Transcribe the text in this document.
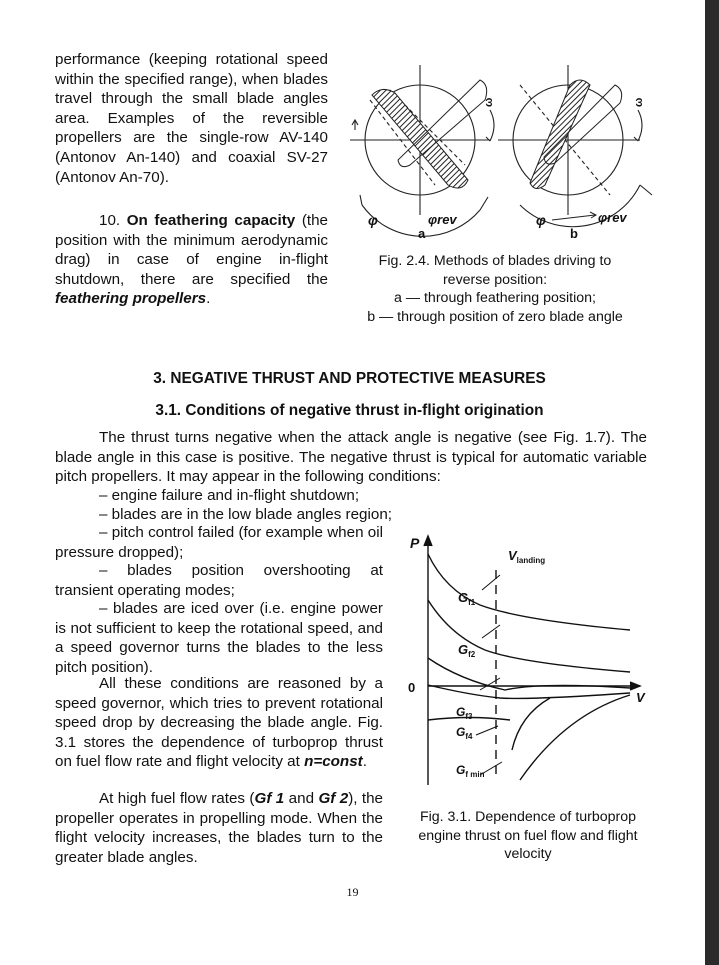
performance (keeping rotational speed within the specified range), when blades travel through the small blade angles area. Examples of the reversible propellers are the single-row AV-140 (Antonov An-140) and coaxial SV-27 (Antonov An-70).
10. On feathering capacity (the position with the minimum aerodynamic drag) in case of engine in-flight shutdown, there are specified the feathering propellers.
ω	ω
φ	φrev
a
φ	φrev
b
Fig. 2.4. Methods of blades driving to
reverse position:
a — through feathering position;
b — through position of zero blade angle
3. NEGATIVE THRUST AND PROTECTIVE MEASURES
3.1. Conditions of negative thrust in-flight origination
The thrust turns negative when the attack angle is negative (see Fig. 1.7). The blade angle in this case is positive. The negative thrust is typical for automatic variable pitch propellers. It may appear in the following conditions:
– engine failure and in-flight shutdown;
– blades are in the low blade angles region;
– pitch control failed (for example when oil pressure dropped);
– blades position overshooting at transient operating modes;
– blades are iced over (i.e. engine power is not sufficient to keep the rotational speed, and a speed governor turns the blades to the less pitch position).
All these conditions are reasoned by a speed governor, which tries to prevent rotational speed drop by decreasing the blade angle. Fig. 3.1 stores the dependence of turboprop thrust on fuel flow rate and flight velocity at n=const.
At high fuel flow rates (Gf 1 and Gf 2), the propeller operates in propelling mode. When the flight velocity increases, the blades turn to the greater blade angles.
P
V
0
$V_{landing}$
$G_{f1}$
$G_{f2}$
$G_{f3}$
$G_{f4}$
$G_{f min}$
Fig. 3.1. Dependence of turboprop
engine thrust on fuel flow and flight
velocity
19
